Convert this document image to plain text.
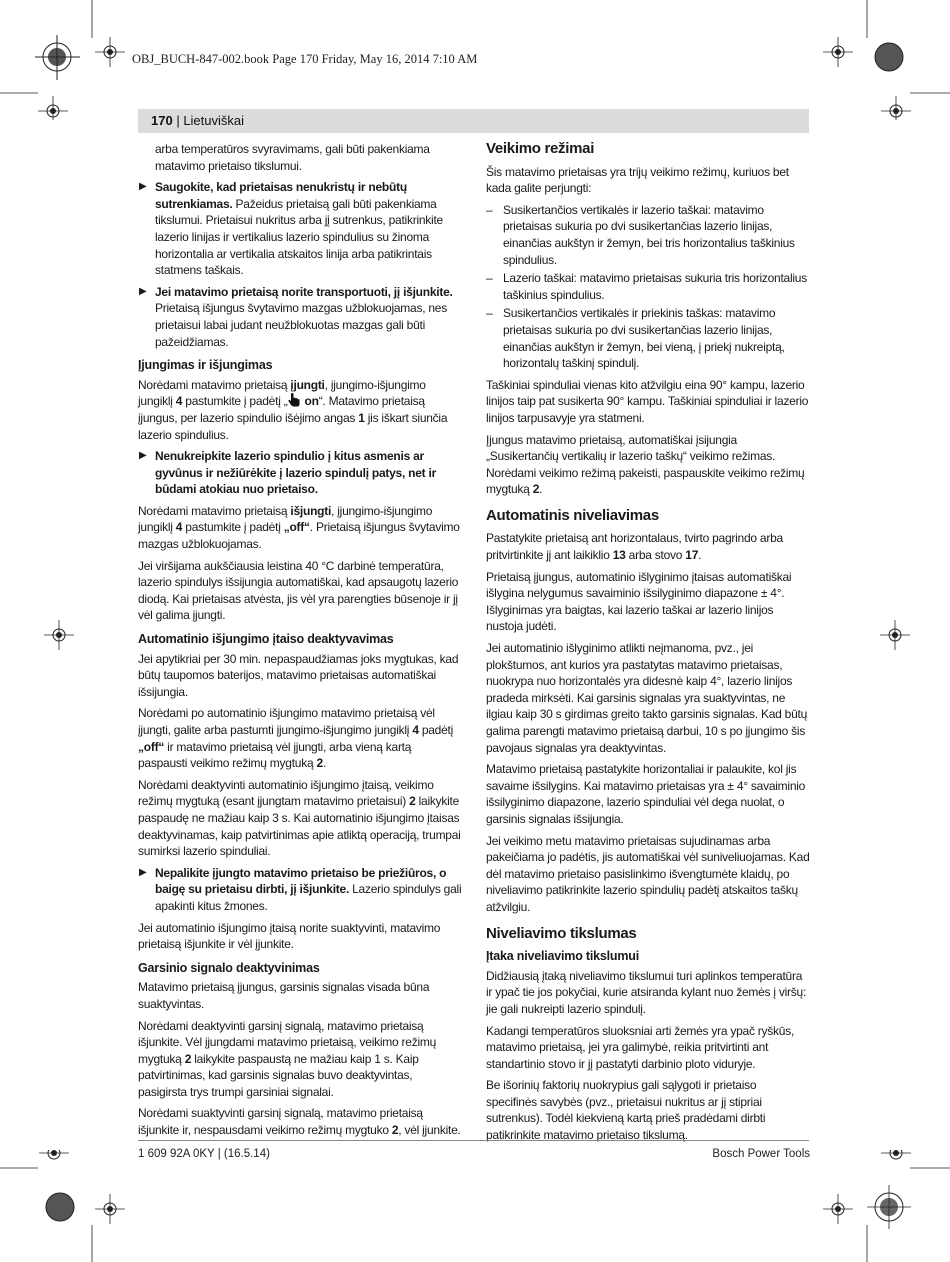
OBJ_BUCH-847-002.book Page 170 Friday, May 16, 2014 7:10 AM
170 | Lietuviškai

arba temperatūros svyravimams, gali būti pakenkiama matavimo prietaiso tikslumui.

▶ Saugokite, kad prietaisas nenukristų ir nebūtų sutrenkiamas. Pažeidus prietaisą gali būti pakenkiama tikslumui. Prietaisui nukritus arba jį sutrenkus, patikrinkite lazerio linijas ir vertikalius lazerio spindulius su žinoma horizontalia ar vertikalia atskaitos linija arba patikrintais statmens taškais.
▶ Jei matavimo prietaisą norite transportuoti, jį išjunkite. Prietaisą išjungus švytavimo mazgas užblokuojamas, nes prietaisui labai judant neužblokuotas mazgas gali būti pažeidžiamas.
Įjungimas ir išjungimas

Norėdami matavimo prietaisą įjungti, įjungimo-išjungimo jungiklį 4 pastumkite į padėtį „ on“. Matavimo prietaisą įjungus, per lazerio spindulio išėjimo angas 1 jis iškart siunčia lazerio spindulius.

▶ Nenukreipkite lazerio spindulio į kitus asmenis ar gyvūnus ir nežiūrėkite į lazerio spindulį patys, net ir būdami atokiau nuo prietaiso.

Norėdami matavimo prietaisą išjungti, įjungimo-išjungimo jungiklį 4 pastumkite į padėtį „off“. Prietaisą išjungus švytavimo mazgas užblokuojamas.

Jei viršijama aukščiausia leistina 40 °C darbinė temperatūra, lazerio spindulys išsijungia automatiškai, kad apsaugotų lazerio diodą. Kai prietaisas atvėsta, jis vėl yra parengties būsenoje ir jį vėl galima įjungti.

Automatinio išjungimo įtaiso deaktyvavimas

Jei apytikriai per 30 min. nepaspaudžiamas joks mygtukas, kad būtų taupomos baterijos, matavimo prietaisas automatiškai išsijungia.

Norėdami po automatinio išjungimo matavimo prietaisą vėl įjungti, galite arba pastumti įjungimo-išjungimo jungiklį 4 padėtį „off“ ir matavimo prietaisą vėl įjungti, arba vieną kartą paspausti veikimo režimų mygtuką 2.

Norėdami deaktyvinti automatinio išjungimo įtaisą, veikimo režimų mygtuką (esant įjungtam matavimo prietaisui) 2 laikykite paspaudę ne mažiau kaip 3 s. Kai automatinio išjungimo įtaisas deaktyvinamas, kaip patvirtinimas apie atliktą operaciją, trumpai sumirksi lazerio spinduliai.

▶ Nepalikite įjungto matavimo prietaiso be priežiūros, o baigę su prietaisu dirbti, jį išjunkite. Lazerio spindulys gali apakinti kitus žmones.

Jei automatinio išjungimo įtaisą norite suaktyvinti, matavimo prietaisą išjunkite ir vėl įjunkite.

Garsinio signalo deaktyvinimas

Matavimo prietaisą įjungus, garsinis signalas visada būna suaktyvintas.

Norėdami deaktyvinti garsinį signalą, matavimo prietaisą išjunkite. Vėl įjungdami matavimo prietaisą, veikimo režimų mygtuką 2 laikykite paspaustą ne mažiau kaip 1 s. Kaip patvirtinimas, kad garsinis signalas buvo deaktyvintas, pasigirsta trys trumpi garsiniai signalai.

Norėdami suaktyvinti garsinį signalą, matavimo prietaisą išjunkite ir, nespausdami veikimo režimų mygtuko 2, vėl įjunkite.

Veikimo režimai

Šis matavimo prietaisas yra trijų veikimo režimų, kuriuos bet kada galite perjungti:

– Susikertančios vertikalės ir lazerio taškai: matavimo prietaisas sukuria po dvi susikertančias lazerio linijas, einančias aukštyn ir žemyn, bei tris horizontalius taškinius spindulius.
– Lazerio taškai: matavimo prietaisas sukuria tris horizontalius taškinius spindulius.
– Susikertančios vertikalės ir priekinis taškas: matavimo prietaisas sukuria po dvi susikertančias lazerio linijas, einančias aukštyn ir žemyn, bei vieną, į priekį nukreiptą, horizontalų taškinį spindulį.

Taškiniai spinduliai vienas kito atžvilgiu eina 90° kampu, lazerio linijos taip pat susikerta 90° kampu. Taškiniai spinduliai ir lazerio linijos tarpusavyje yra statmeni.

Įjungus matavimo prietaisą, automatiškai įsijungia „Susikertančių vertikalių ir lazerio taškų“ veikimo režimas. Norėdami veikimo režimą pakeisti, paspauskite veikimo režimų mygtuką 2.

Automatinis niveliavimas

Pastatykite prietaisą ant horizontalaus, tvirto pagrindo arba pritvirtinkite jį ant laikiklio 13 arba stovo 17.

Prietaisą įjungus, automatinio išlyginimo įtaisas automatiškai išlygina nelygumus savaiminio išsilyginimo diapazone ± 4°. Išlyginimas yra baigtas, kai lazerio taškai ar lazerio linijos nustoja judėti.

Jei automatinio išlyginimo atlikti neįmanoma, pvz., jei plokštumos, ant kurios yra pastatytas matavimo prietaisas, nuokrypa nuo horizontalės yra didesnė kaip 4°, lazerio linijos pradeda mirksėti. Kai garsinis signalas yra suaktyvintas, ne ilgiau kaip 30 s girdimas greito takto garsinis signalas. Kad būtų galima parengti matavimo prietaisą darbui, 10 s po įjungimo šis pavojaus signalas yra deaktyvintas.

Matavimo prietaisą pastatykite horizontaliai ir palaukite, kol jis savaime išsilygins. Kai matavimo prietaisas yra ± 4° savaiminio išsilyginimo diapazone, lazerio spinduliai vėl dega nuolat, o garsinis signalas išsijungia.

Jei veikimo metu matavimo prietaisas sujudinamas arba pakeičiama jo padėtis, jis automatiškai vėl suniveliuojamas. Kad dėl matavimo prietaiso pasislinkimo išvengtumėte klaidų, po niveliavimo patikrinkite lazerio spindulių padėtį atskaitos taškų atžvilgiu.

Niveliavimo tikslumas
Įtaka niveliavimo tikslumui

Didžiausią įtaką niveliavimo tikslumui turi aplinkos temperatūra ir ypač tie jos pokyčiai, kurie atsiranda kylant nuo žemės į viršų: jie gali nukreipti lazerio spindulį.

Kadangi temperatūros sluoksniai arti žemės yra ypač ryškūs, matavimo prietaisą, jei yra galimybė, reikia pritvirtinti ant standartinio stovo ir jį pastatyti darbinio ploto viduryje.

Be išorinių faktorių nuokrypius gali sąlygoti ir prietaiso specifinės savybės (pvz., prietaisui nukritus ar jį stipriai sutrenkus). Todėl kiekvieną kartą prieš pradėdami dirbti patikrinkite matavimo prietaiso tikslumą.

1 609 92A 0KY | (16.5.14)	Bosch Power Tools
